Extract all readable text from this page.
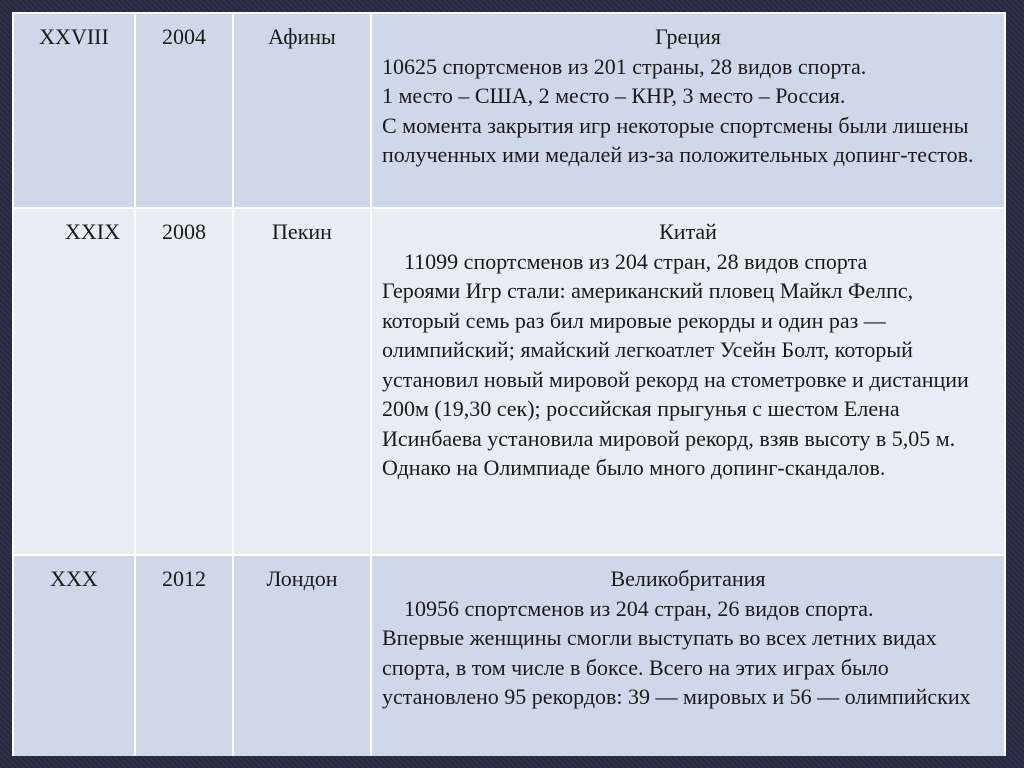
XXVIII	2004	Афины	Греция
10625 спортсменов из 201 страны, 28 видов спорта.
1 место – США, 2 место – КНР, 3 место – Россия.
С момента закрытия игр некоторые спортсмены были лишены полученных ими медалей из-за положительных допинг-тестов.

XXIX	2008	Пекин	Китай
11099 спортсменов из 204 стран, 28 видов спорта
Героями Игр стали: американский пловец Майкл Фелпс, который семь раз бил мировые рекорды и один раз — олимпийский; ямайский легкоатлет Усейн Болт, который установил новый мировой рекорд на стометровке и дистанции 200м (19,30 сек); российская прыгунья с шестом Елена Исинбаева установила мировой рекорд, взяв высоту в 5,05 м. Однако на Олимпиаде было много допинг-скандалов.

XXX	2012	Лондон	Великобритания
10956 спортсменов из 204 стран, 26 видов спорта.
Впервые женщины смогли выступать во всех летних видах спорта, в том числе в боксе. Всего на этих играх было установлено 95 рекордов: 39 — мировых и 56 — олимпийских
